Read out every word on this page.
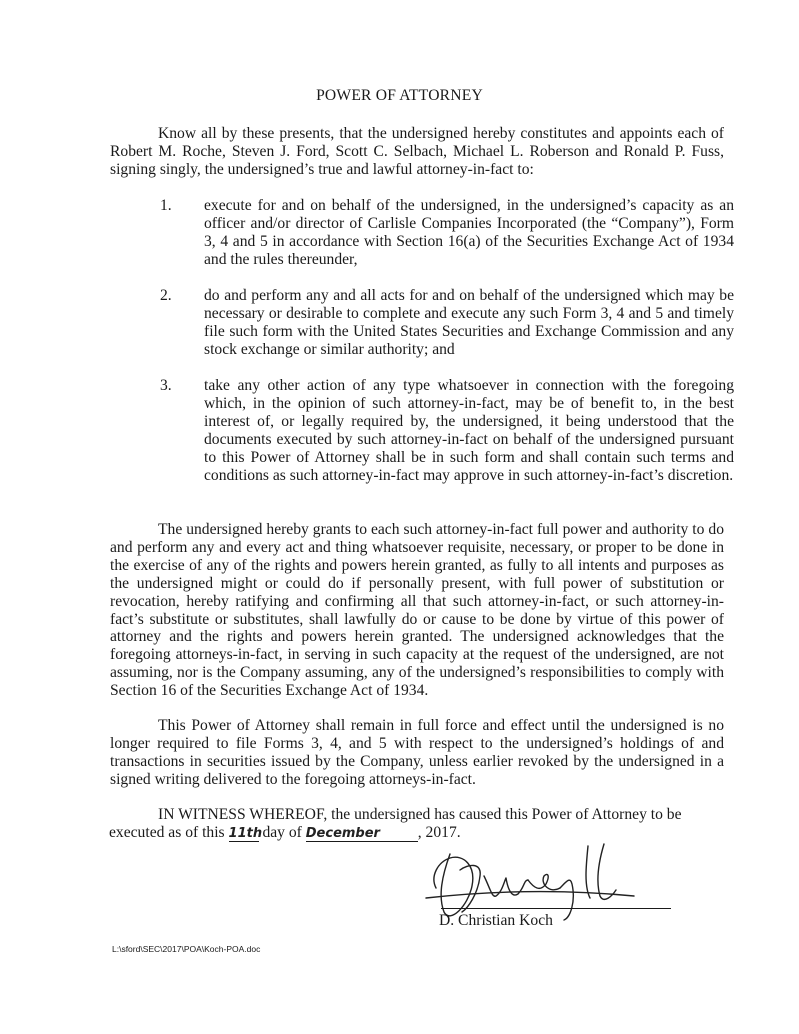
POWER OF ATTORNEY
Know all by these presents, that the undersigned hereby constitutes and appoints each of Robert M. Roche, Steven J. Ford, Scott C. Selbach, Michael L. Roberson and Ronald P. Fuss, signing singly, the undersigned’s true and lawful attorney-in-fact to:
1. execute for and on behalf of the undersigned, in the undersigned’s capacity as an officer and/or director of Carlisle Companies Incorporated (the “Company”), Form 3, 4 and 5 in accordance with Section 16(a) of the Securities Exchange Act of 1934 and the rules thereunder,
2. do and perform any and all acts for and on behalf of the undersigned which may be necessary or desirable to complete and execute any such Form 3, 4 and 5 and timely file such form with the United States Securities and Exchange Commission and any stock exchange or similar authority; and
3. take any other action of any type whatsoever in connection with the foregoing which, in the opinion of such attorney-in-fact, may be of benefit to, in the best interest of, or legally required by, the undersigned, it being understood that the documents executed by such attorney-in-fact on behalf of the undersigned pursuant to this Power of Attorney shall be in such form and shall contain such terms and conditions as such attorney-in-fact may approve in such attorney-in-fact’s discretion.
The undersigned hereby grants to each such attorney-in-fact full power and authority to do and perform any and every act and thing whatsoever requisite, necessary, or proper to be done in the exercise of any of the rights and powers herein granted, as fully to all intents and purposes as the undersigned might or could do if personally present, with full power of substitution or revocation, hereby ratifying and confirming all that such attorney-in-fact, or such attorney-in-fact’s substitute or substitutes, shall lawfully do or cause to be done by virtue of this power of attorney and the rights and powers herein granted. The undersigned acknowledges that the foregoing attorneys-in-fact, in serving in such capacity at the request of the undersigned, are not assuming, nor is the Company assuming, any of the undersigned’s responsibilities to comply with Section 16 of the Securities Exchange Act of 1934.
This Power of Attorney shall remain in full force and effect until the undersigned is no longer required to file Forms 3, 4, and 5 with respect to the undersigned’s holdings of and transactions in securities issued by the Company, unless earlier revoked by the undersigned in a signed writing delivered to the foregoing attorneys-in-fact.
IN WITNESS WHEREOF, the undersigned has caused this Power of Attorney to be
executed as of this 11th day of December , 2017.
D. Christian Koch
L:\sford\SEC\2017\POA\Koch-POA.doc
